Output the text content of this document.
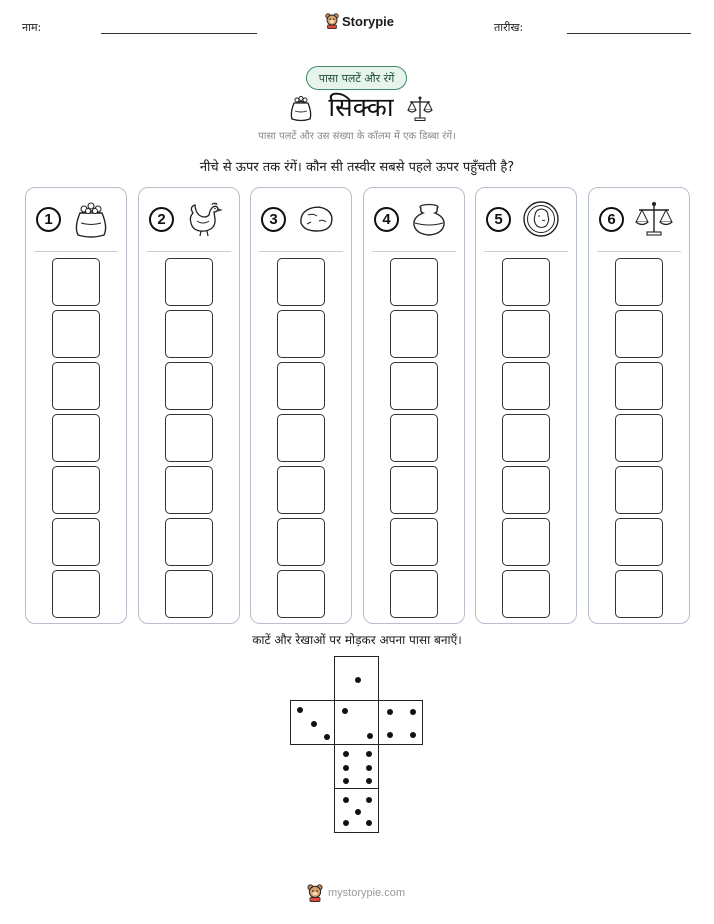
नाम:	Storypie	तारीख:
पासा पलटें और रंगें
सिक्का
पासा पलटें और उस संख्या के कॉलम में एक डिब्बा रंगें।
नीचे से ऊपर तक रंगें। कौन सी तस्वीर सबसे पहले ऊपर पहुँचती है?
1	2	3	4	5	6
काटें और रेखाओं पर मोड़कर अपना पासा बनाएँ।
mystorypie.com
